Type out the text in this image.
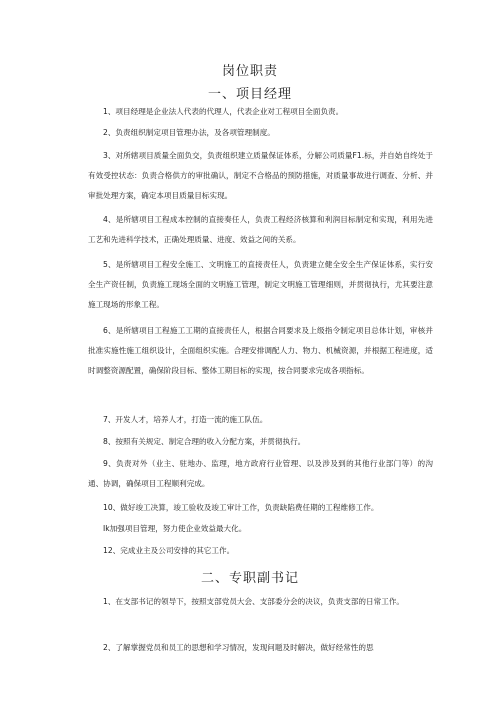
岗位职责
一、项目经理

1、项目经理是企业法人代表的代理人，代表企业对工程项目全面负责。

2、负责组织制定项目管理办法，及各项管理制度。

3、对所辖项目质量全面负交，负责组织建立质量保证体系，分解公司质量F1.标，并自始自终处于有效受控状态：负责合格供方的审批确认，制定不合格品的预防措施，对质量事故进行调查、分析、并审批处理方案，确定本项目质量目标实现。

4、是所辖项目工程成本控制的直接奏任人，负责工程经济核算和利润目标制定和实现，利用先进工艺和先进科学技术，正确处理质量、进度、效益之间的关系。

5、是所辖项目工程安全施工、文明施工的直接责任人，负责建立健全安全生产保证体系，实行安全生产资任制，负责施工现场全面的文明施工管理，制定文明施工管理细则，并贯彻执行，尤其要注意施工现场的形象工程。

6、是所辖项目工程施工工期的直接责任人，根据合同要求及上级指令制定项目总体计划，审核并批准实施性施工组织设计，全面组织实施。合理安排调配人力、物力、机械资源，并根据工程进度，适时调整资源配置，确保阶段目标、整体工期目标的实现，按合同要求完成各项指标。

7、开发人才，培养人才，打造一流的施工队伍。

8、按照有关规定、制定合理的收入分配方案，并贯彻执行。

9、负责对外（业主、驻地办、监理，地方政府行业管理、以及涉及到的其他行业部门等）的沟通、协调，确保项目工程顺利完成。

10、做好竣工决算，竣工验收及竣工审计工作，负责缺陷费任期的工程维修工作。

Ik加强项目管理，努力使企业效益最大化。

12、完成业主及公司安排的其它工作。

二、专职副书记

1、在支部书记的领导下，按照支部党员大会、支部委分会的决议，负责支部的日常工作。

2、了解掌握党员和员工的思想和学习情况，发现问题及时解决，做好经常性的思
